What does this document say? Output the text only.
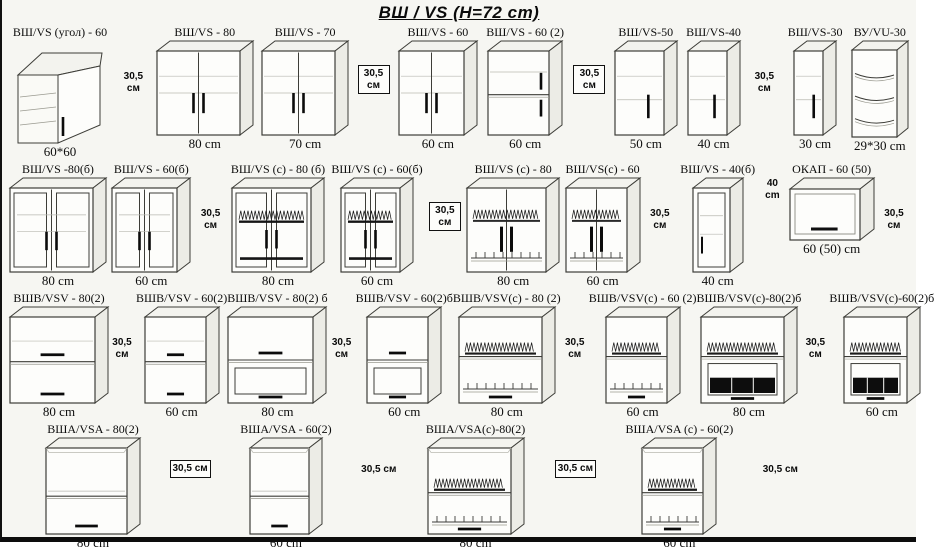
ВШ / VS (H=72 cm)
ВШ/VS (угол) - 60
60*60
30,5 см
ВШ/VS - 80
80 cm
ВШ/VS - 70
70 cm
30,5 см
ВШ/VS - 60
60 cm
ВШ/VS - 60 (2)
60 cm
30,5 см
ВШ/VS-50
50 cm
ВШ/VS-40
40 cm
30,5 см
ВШ/VS-30
30 cm
ВУ/VU-30
29*30 cm
ВШ/VS -80(б)
80 cm
ВШ/VS - 60(б)
60 cm
30,5 см
ВШ/VS (с) - 80 (б)
80 cm
ВШ/VS (с) - 60(б)
60 cm
30,5 см
ВШ/VS (с) - 80
80 cm
ВШ/VS(с) - 60
60 cm
30,5 см
ВШ/VS - 40(б)
40 cm
40 cm
ОКАП - 60 (50)
60 (50) cm
30,5 см
ВШВ/VSV - 80(2)
80 cm
30,5 см
ВШВ/VSV - 60(2)
60 cm
ВШВ/VSV - 80(2) б
80 cm
30,5 см
ВШВ/VSV - 60(2)б
60 cm
ВШВ/VSV(с) - 80 (2)
80 cm
30,5 см
ВШВ/VSV(с) - 60 (2)
60 cm
ВШВ/VSV(с)-80(2)б
80 cm
30,5 см
ВШВ/VSV(с)-60(2)б
60 cm
ВША/VSA - 80(2)
80 cm
30,5 см
ВША/VSA - 60(2)
60 cm
30,5 см
ВША/VSA(с)-80(2)
80 cm
30,5 см
ВША/VSA (с) - 60(2)
60 cm
30,5 см
